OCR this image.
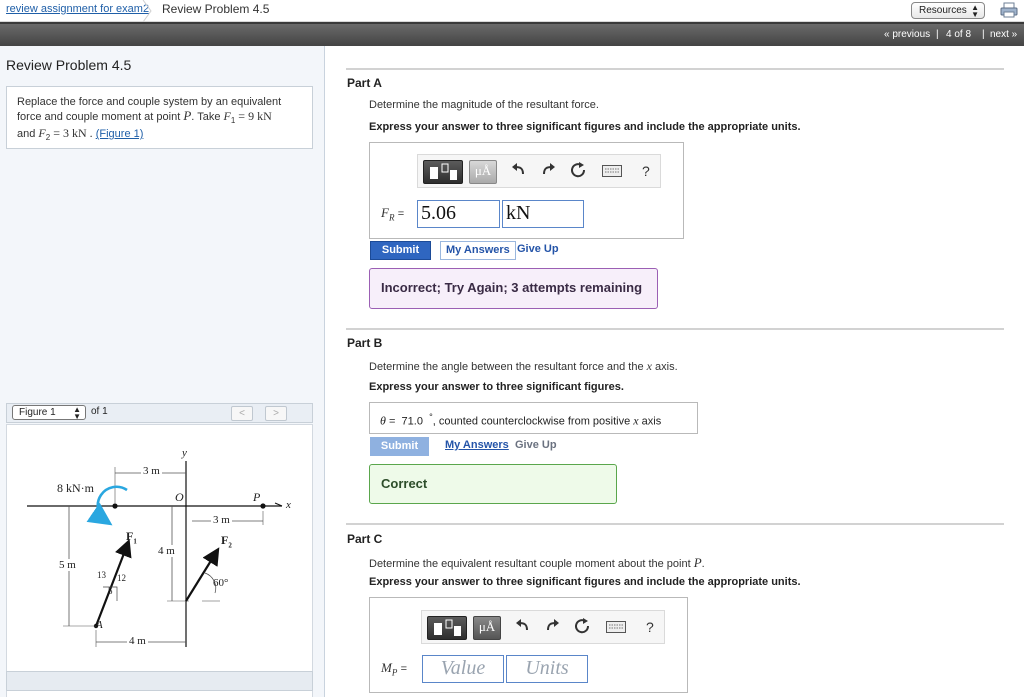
review assignment for exam2 Review Problem 4.5	Resources ▲
▼
« previous | 4 of 8 | next »
Review Problem 4.5
Replace the force and couple system by an equivalent
force and couple moment at point P. Take $F_1 = 9$ kN
and $F_2 = 3$ kN . (Figure 1)
Figure 1 ▲
▼ of 1	<	>
8 kN·m
3 m
y
O	P
x
3 m
$F_1$	$F_2$
4 m
5 m
13 12
5
60°
A
4 m
Part A
Determine the magnitude of the resultant force.
Express your answer to three significant figures and include the appropriate units.
μÅ	?
$F_R = 5.06$	kN
Submit	My Answers Give Up
Incorrect; Try Again; 3 attempts remaining
Part B
Determine the angle between the resultant force and the x axis.
Express your answer to three significant figures.
θ = 71.0 °, counted counterclockwise from positive x axis
Submit	My Answers Give Up
Correct
Part C
Determine the equivalent resultant couple moment about the point P.
Express your answer to three significant figures and include the appropriate units.
μÅ	?
$M_P$ =	Value	Units
